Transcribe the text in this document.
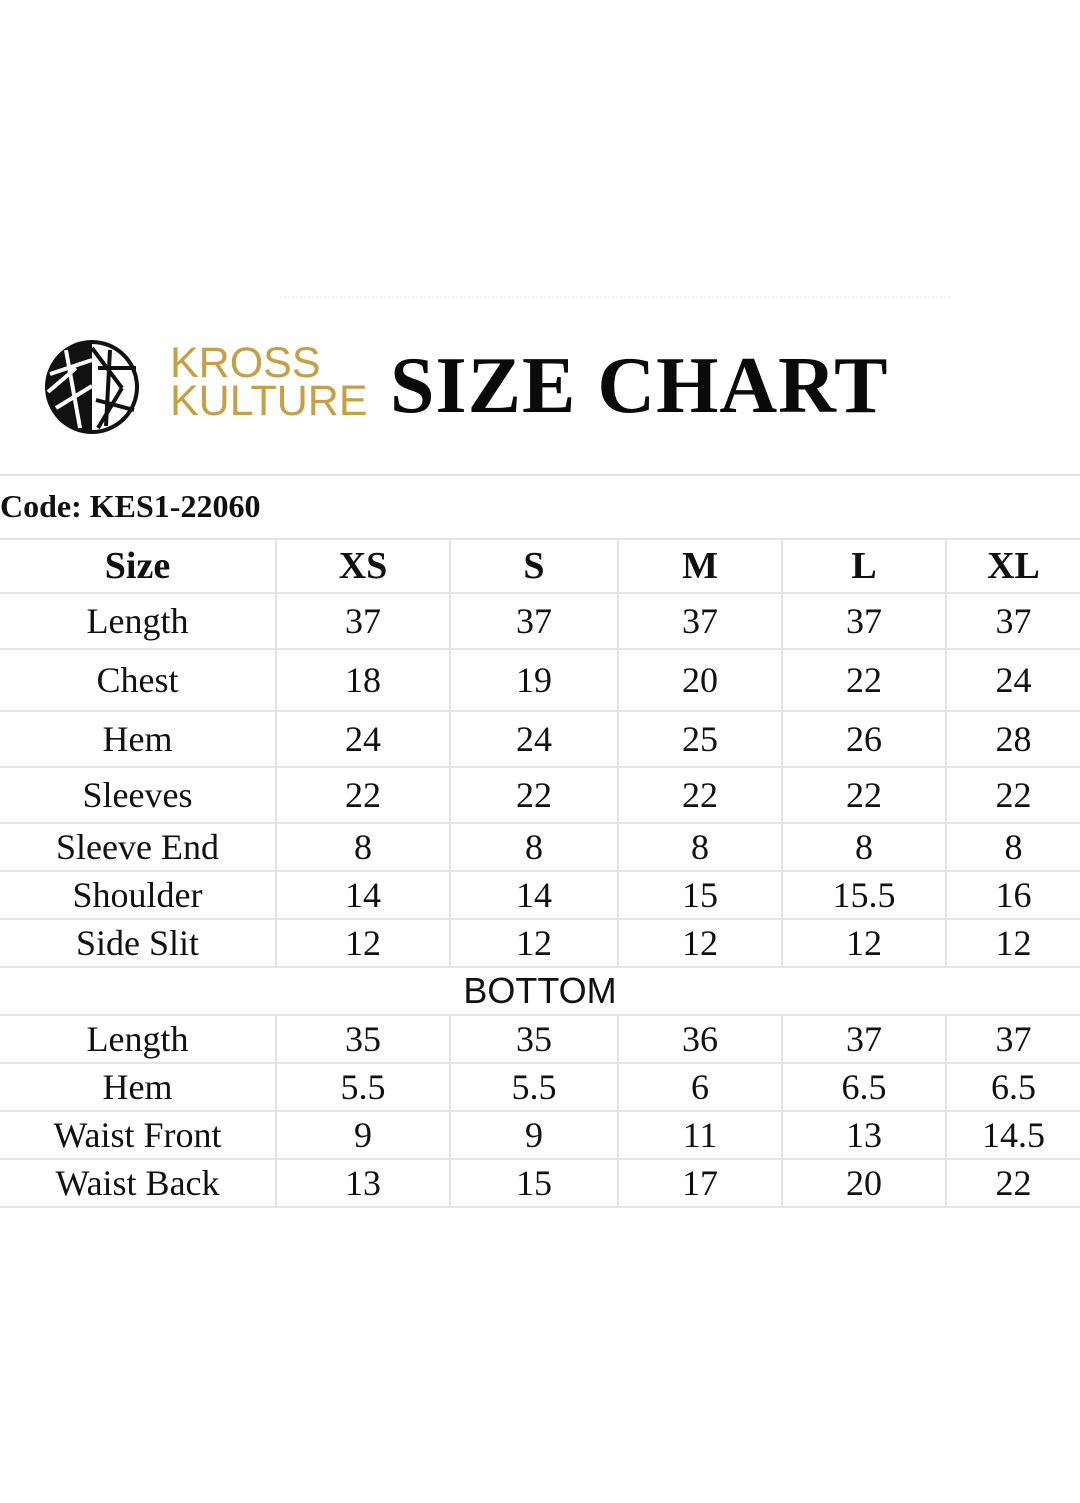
KROSS
KULTURE SIZE CHART
Code: KES1-22060
Size	XS	S	M	L	XL
Length	37	37	37	37	37
Chest	18	19	20	22	24
Hem	24	24	25	26	28
Sleeves	22	22	22	22	22
Sleeve End	8	8	8	8	8
Shoulder	14	14	15	15.5	16
Side Slit	12	12	12	12	12
BOTTOM					
Length	35	35	36	37	37
Hem	5.5	5.5	6	6.5	6.5
Waist Front	9	9	11	13	14.5
Waist Back	13	15	17	20	22
